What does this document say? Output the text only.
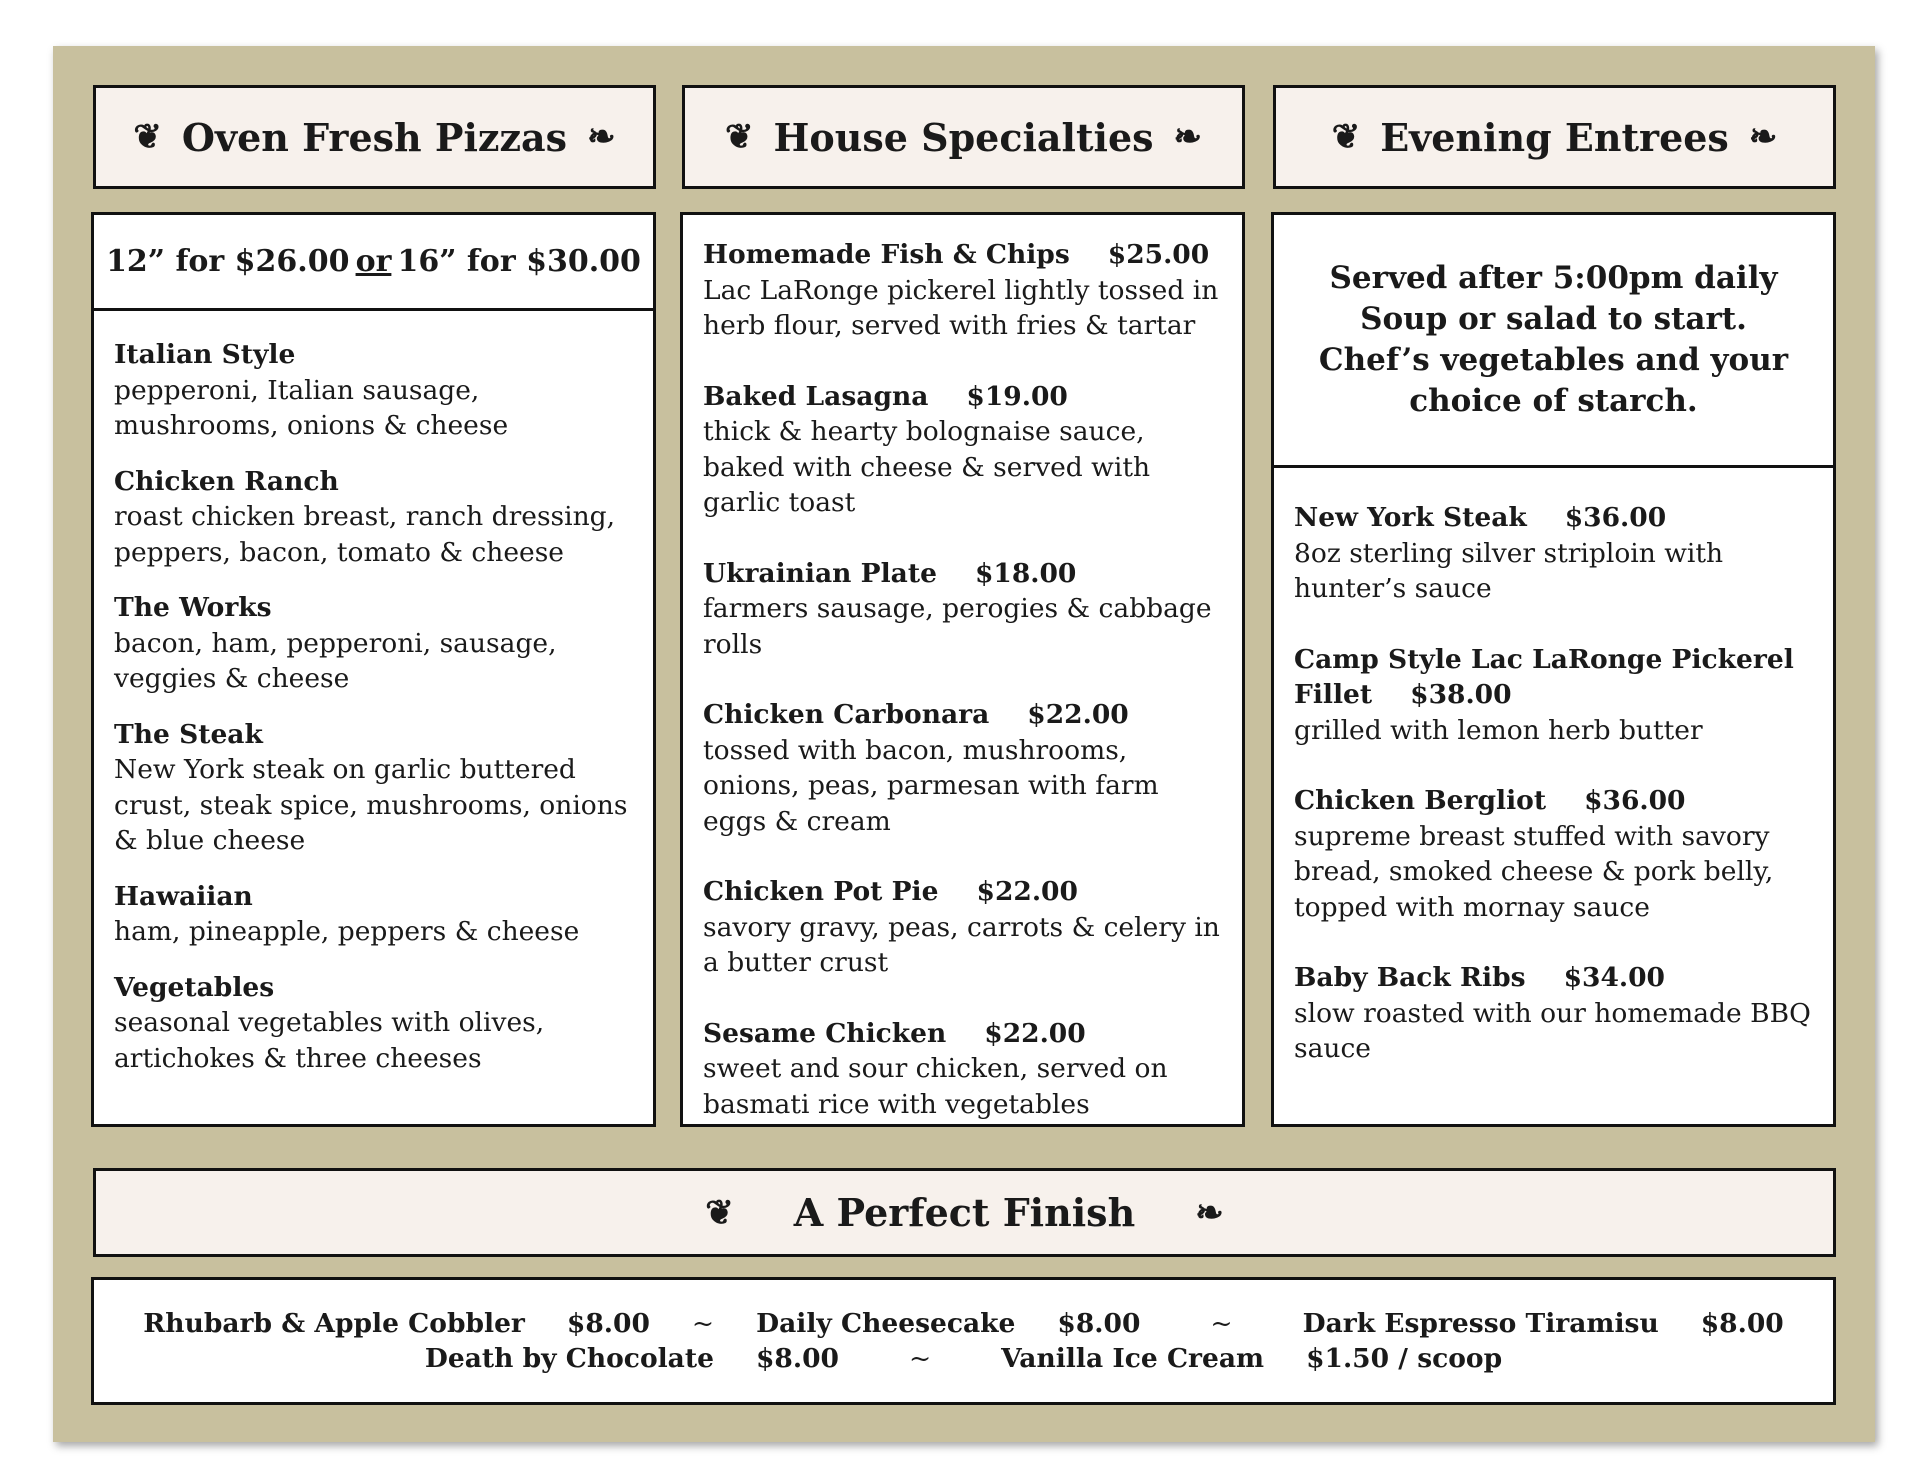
❦ Oven Fresh Pizzas ❧	❦ House Specialties ❧	❦ Evening Entrees ❧
12” for $26.00 or 16” for $30.00
Italian Style
pepperoni, Italian sausage, mushrooms, onions & cheese
Chicken Ranch
roast chicken breast, ranch dressing, peppers, bacon, tomato & cheese
The Works
bacon, ham, pepperoni, sausage, veggies & cheese
The Steak
New York steak on garlic buttered crust, steak spice, mushrooms, onions & blue cheese
Hawaiian
ham, pineapple, peppers & cheese
Vegetables
seasonal vegetables with olives, artichokes & three cheeses
Homemade Fish & Chips $25.00
Lac LaRonge pickerel lightly tossed in herb flour, served with fries & tartar
Baked Lasagna $19.00
thick & hearty bolognaise sauce, baked with cheese & served with garlic toast
Ukrainian Plate $18.00
farmers sausage, perogies & cabbage rolls
Chicken Carbonara $22.00
tossed with bacon, mushrooms, onions, peas, parmesan with farm eggs & cream
Chicken Pot Pie $22.00
savory gravy, peas, carrots & celery in a butter crust
Sesame Chicken $22.00
sweet and sour chicken, served on basmati rice with vegetables
Served after 5:00pm daily
Soup or salad to start.
Chef’s vegetables and your
choice of starch.
New York Steak $36.00
8oz sterling silver striploin with hunter’s sauce
Camp Style Lac LaRonge Pickerel
Fillet $38.00
grilled with lemon herb butter
Chicken Bergliot $36.00
supreme breast stuffed with savory bread, smoked cheese & pork belly, topped with mornay sauce
Baby Back Ribs $34.00
slow roasted with our homemade BBQ sauce
❦ A Perfect Finish ❧
Rhubarb & Apple Cobbler $8.00 ~ Daily Cheesecake $8.00	~	Dark Espresso Tiramisu $8.00
Death by Chocolate $8.00	~	Vanilla Ice Cream $1.50 / scoop
